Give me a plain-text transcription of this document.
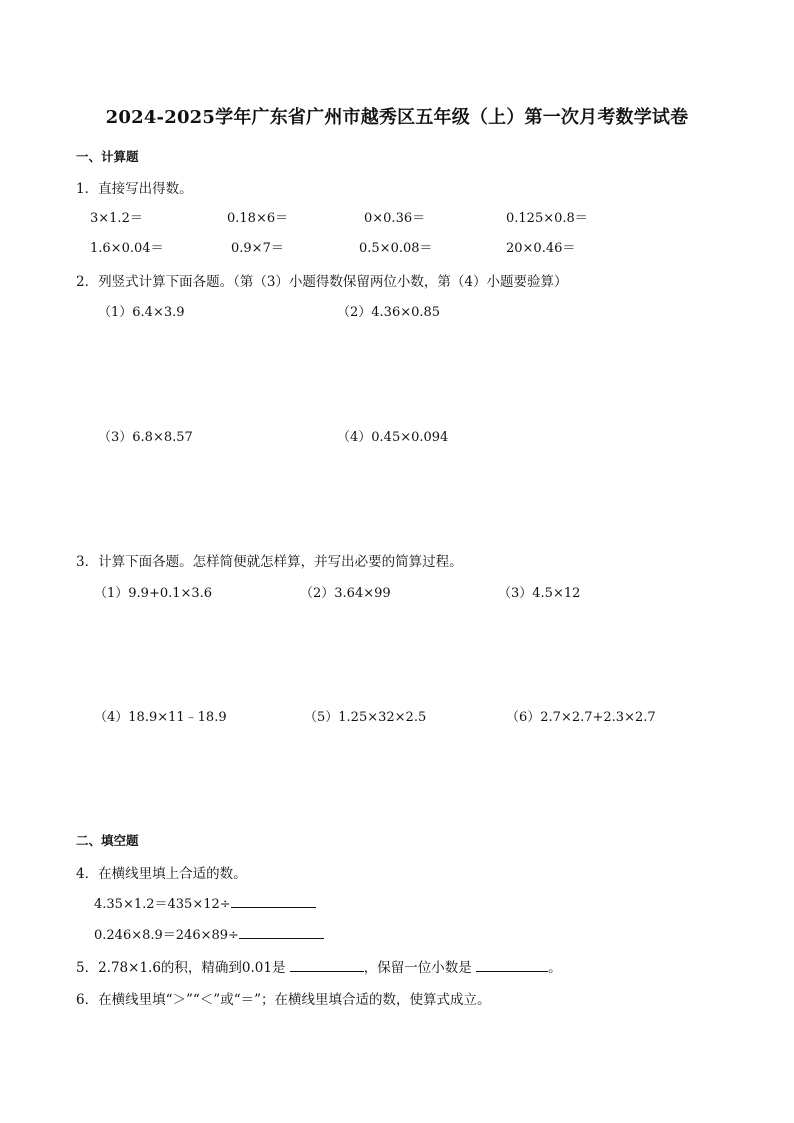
2024-2025学年广东省广州市越秀区五年级（上）第一次月考数学试卷
一、计算题
1．直接写出得数。
3×1.2＝	0.18×6＝	0×0.36＝	0.125×0.8＝
1.6×0.04＝	0.9×7＝	0.5×0.08＝	20×0.46＝
2．列竖式计算下面各题。（第（3）小题得数保留两位小数，第（4）小题要验算）
（1）6.4×3.9	（2）4.36×0.85
（3）6.8×8.57	（4）0.45×0.094
3．计算下面各题。怎样简便就怎样算，并写出必要的简算过程。
（1）9.9+0.1×3.6	（2）3.64×99	（3）4.5×12
（4）18.9×11﹣18.9	（5）1.25×32×2.5	（6）2.7×2.7+2.3×2.7
二、填空题
4．在横线里填上合适的数。
4.35×1.2＝435×12÷
0.246×8.9＝246×89÷
5．2.78×1.6的积，精确到0.01是	，保留一位小数是	。
6．在横线里填“＞”“＜”或“＝”；在横线里填合适的数，使算式成立。
